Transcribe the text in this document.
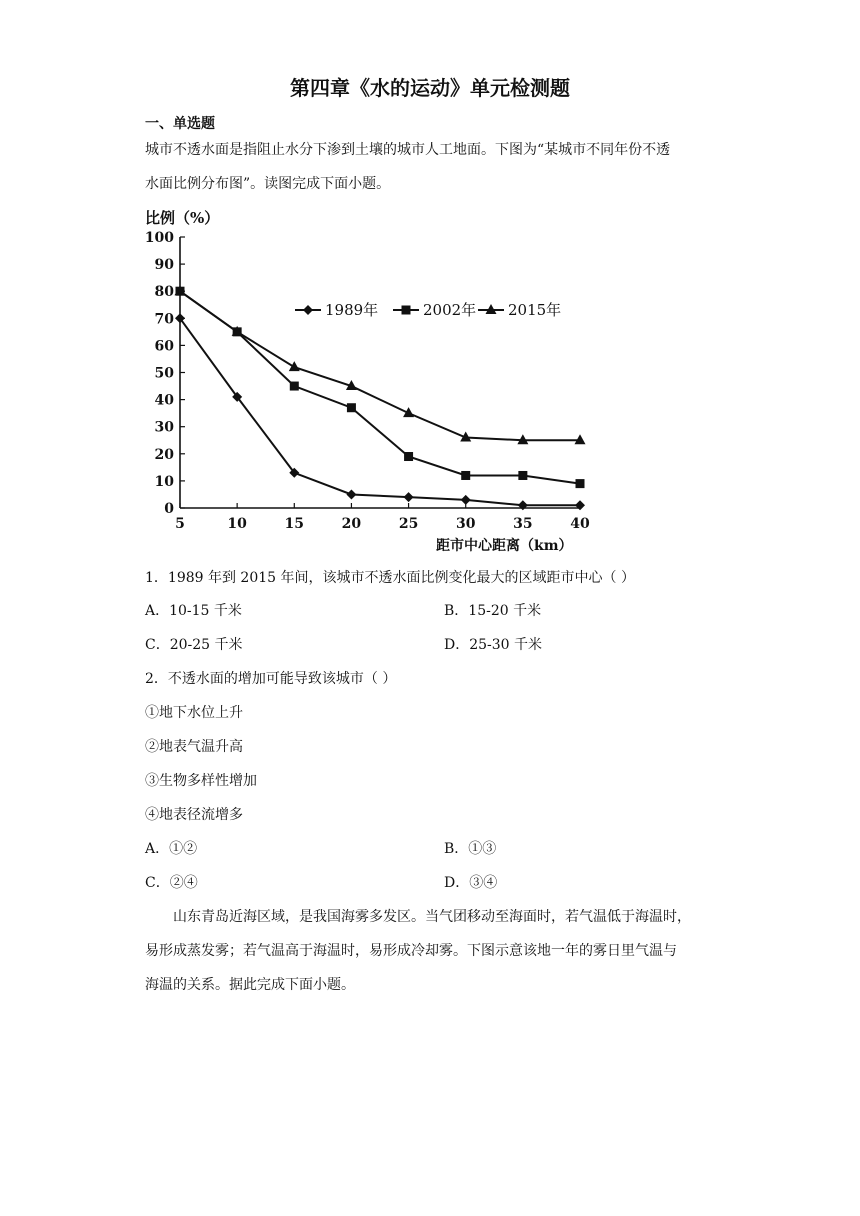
第四章《水的运动》单元检测题
一、单选题
城市不透水面是指阻止水分下渗到土壤的城市人工地面。下图为“某城市不同年份不透
水面比例分布图”。读图完成下面小题。
比例（%）
距市中心距离（km）
0
10
20
30
40
50
60
70
80
90
100
5	10	15	20	25	30	35	40
1989年	2002年 2015年
1．1989 年到 2015 年间，该城市不透水面比例变化最大的区域距市中心（ ）
A．10-15 千米	B．15-20 千米
C．20-25 千米	D．25-30 千米
2．不透水面的增加可能导致该城市（ ）
①地下水位上升
②地表气温升高
③生物多样性增加
④地表径流增多
A．①②	B．①③
C．②④	D．③④
山东青岛近海区域，是我国海雾多发区。当气团移动至海面时，若气温低于海温时，
易形成蒸发雾；若气温高于海温时，易形成冷却雾。下图示意该地一年的雾日里气温与
海温的关系。据此完成下面小题。
